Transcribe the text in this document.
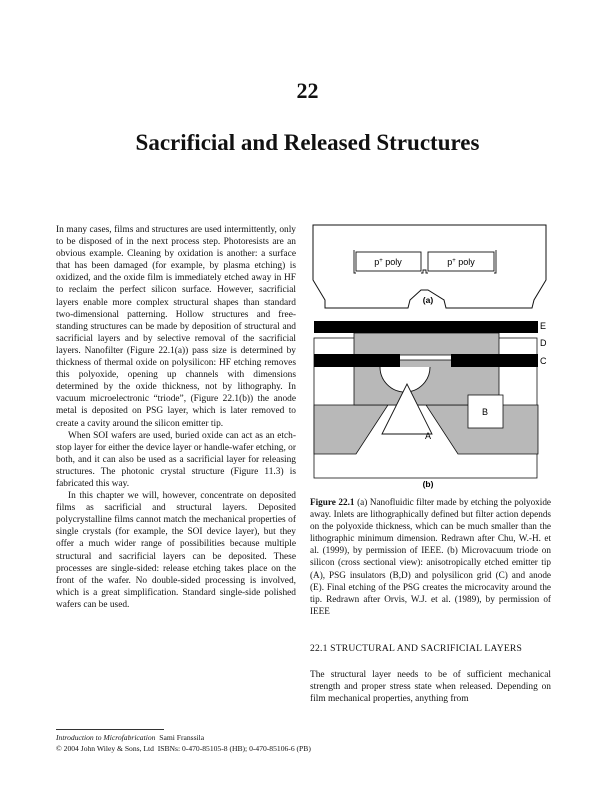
22
Sacrificial and Released Structures

In many cases, films and structures are used intermittently, only to be disposed of in the next process step. Photoresists are an obvious example. Cleaning by oxidation is another: a surface that has been damaged (for example, by plasma etching) is oxidized, and the oxide film is immediately etched away in HF to reclaim the perfect silicon surface. However, sacrificial layers enable more complex structural shapes than standard two-dimensional patterning. Hollow structures and free-standing structures can be made by deposition of structural and sacrificial layers and by selective removal of the sacrificial layers. Nanofilter (Figure 22.1(a)) pass size is determined by thickness of thermal oxide on polysilicon: HF etching removes this polyoxide, opening up channels with dimensions determined by the oxide thickness, not by lithography. In vacuum microelectronic “triode”, (Figure 22.1(b)) the anode metal is deposited on PSG layer, which is later removed to create a cavity around the silicon emitter tip.

When SOI wafers are used, buried oxide can act as an etch-stop layer for either the device layer or handle-wafer etching, or both, and it can also be used as a sacrificial layer for releasing structures. The photonic crystal structure (Figure 11.3) is fabricated this way.

In this chapter we will, however, concentrate on deposited films as sacrificial and structural layers. Deposited polycrystalline films cannot match the mechanical properties of single crystals (for example, the SOI device layer), but they offer a much wider range of possibilities because multiple structural and sacrificial layers can be deposited. These processes are single-sided: release etching takes place on the front of the wafer. No double-sided processing is involved, which is a great simplification. Standard single-side polished wafers can be used.

p+ poly	p+ poly
(a)
B
A
E
D
C
(b)
Figure 22.1 (a) Nanofluidic filter made by etching the polyoxide away. Inlets are lithographically defined but filter action depends on the polyoxide thickness, which can be much smaller than the lithographic minimum dimension. Redrawn after Chu, W.-H. et al. (1999), by permission of IEEE. (b) Microvacuum triode on silicon (cross sectional view): anisotropically etched emitter tip (A), PSG insulators (B,D) and polysilicon grid (C) and anode (E). Final etching of the PSG creates the microcavity around the tip. Redrawn after Orvis, W.J. et al. (1989), by permission of IEEE
22.1 STRUCTURAL AND SACRIFICIAL LAYERS
The structural layer needs to be of sufficient mechanical strength and proper stress state when released. Depending on film mechanical properties, anything from
Introduction to Microfabrication Sami Franssila
© 2004 John Wiley & Sons, Ltd ISBNs: 0-470-85105-8 (HB); 0-470-85106-6 (PB)
